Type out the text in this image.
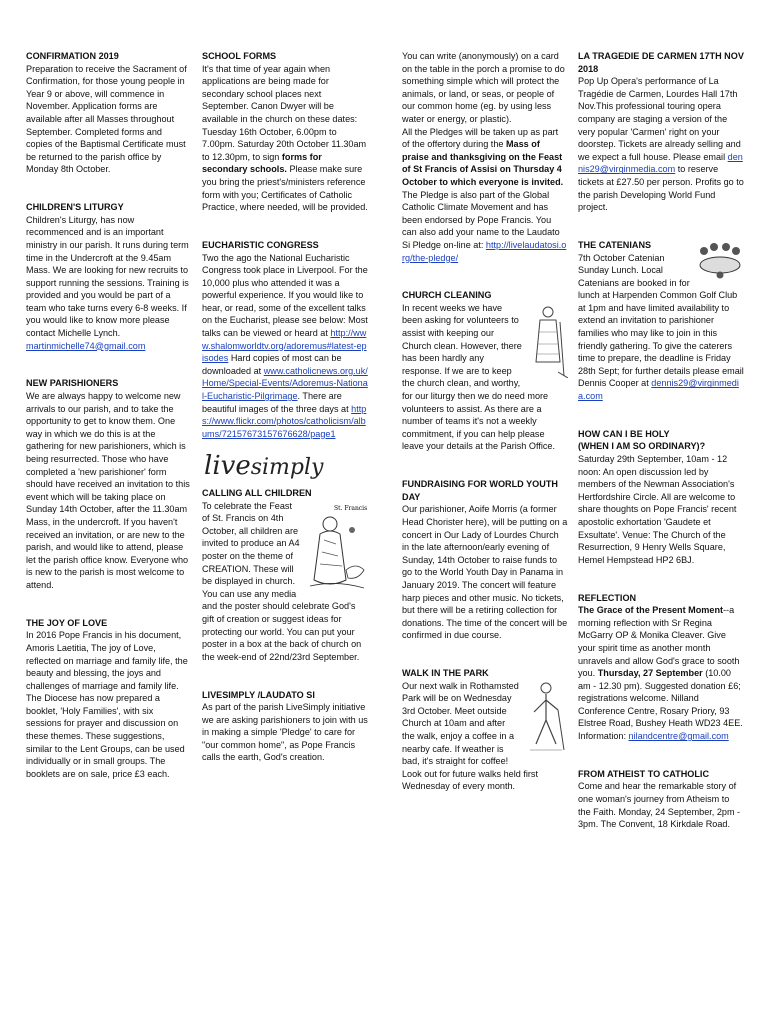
CONFIRMATION 2019

Preparation to receive the Sacrament of Confirmation, for those young people in Year 9 or above, will commence in November. Application forms are available after all Masses throughout September. Completed forms and copies of the Baptismal Certificate must be returned to the parish office by Monday 8th October.

CHILDREN'S LITURGY

Children's Liturgy, has now recommenced and is an important ministry in our parish. It runs during term time in the Undercroft at the 9.45am Mass. We are looking for new recruits to support running the sessions. Training is provided and you would be part of a team who take turns every 6-8 weeks. If you would like to know more please contact Michelle Lynch.

martinmichelle74@gmail.com
NEW PARISHIONERS

We are always happy to welcome new arrivals to our parish, and to take the opportunity to get to know them. One way in which we do this is at the gathering for new parishioners, which is being resurrected. Those who have completed a 'new parishioner' form should have received an invitation to this event which will be taking place on Sunday 14th October, after the 11.30am Mass, in the undercroft. If you haven't received an invitation, or are new to the parish, and would like to attend, please let the parish office know. Everyone who is new to the parish is most welcome to attend.

THE JOY OF LOVE

In 2016 Pope Francis in his document, Amoris Laetitia, The joy of Love, reflected on marriage and family life, the beauty and blessing, the joys and challenges of marriage and family life. The Diocese has now prepared a booklet, 'Holy Families', with six sessions for prayer and discussion on these themes. These suggestions, similar to the Lent Groups, can be used individually or in small groups. The booklets are on sale, price £3 each.

SCHOOL FORMS

It's that time of year again when applications are being made for secondary school places next September. Canon Dwyer will be available in the church on these dates: Tuesday 16th October, 6.00pm to 7.00pm. Saturday 20th October 11.30am to 12.30pm, to sign forms for secondary schools. Please make sure you bring the priest's/ministers reference form with you; Certificates of Catholic Practice, where needed, will be provided.

EUCHARISTIC CONGRESS

Two the ago the National Eucharistic Congress took place in Liverpool. For the 10,000 plus who attended it was a powerful experience. If you would like to hear, or read, some of the excellent talks on the Eucharist, please see below: Most talks can be viewed or heard at http://www.shalomworldtv.org/adoremus#latest-episodes Hard copies of most can be downloaded at www.catholicnews.org.uk/Home/Special-Events/Adoremus-National-Eucharistic-Pilgrimage. There are beautiful images of the three days at https://www.flickr.com/photos/catholicism/albums/72157673157676628/page1

livesimply
CALLING ALL CHILDREN
St. Francis

To celebrate the Feast of St. Francis on 4th October, all children are invited to produce an A4 poster on the theme of CREATION. These will be displayed in church. You can use any media and the poster should celebrate God's gift of creation or suggest ideas for protecting our world. You can put your poster in a box at the back of church on the week-end of 22nd/23rd September.

LIVESIMPLY /LAUDATO SI

As part of the parish LiveSimply initiative we are asking parishioners to join with us in making a simple 'Pledge' to care for "our common home", as Pope Francis calls the earth, God's creation.

You can write (anonymously) on a card on the table in the porch a promise to do something simple which will protect the animals, or land, or seas, or people of our common home (eg. by using less water or energy, or plastic).

All the Pledges will be taken up as part of the offertory during the Mass of praise and thanksgiving on the Feast of St Francis of Assisi on Thursday 4 October to which everyone is invited. The Pledge is also part of the Global Catholic Climate Movement and has been endorsed by Pope Francis. You can also add your name to the Laudato Si Pledge on-line at: http://livelaudatosi.org/the-pledge/

CHURCH CLEANING

In recent weeks we have been asking for volunteers to assist with keeping our Church clean. However, there has been hardly any response. If we are to keep the church clean, and worthy, for our liturgy then we do need more volunteers to assist. As there are a number of teams it's not a weekly commitment, if you can help please leave your details at the Parish Office.

FUNDRAISING FOR WORLD YOUTH DAY

Our parishioner, Aoife Morris (a former Head Chorister here), will be putting on a concert in Our Lady of Lourdes Church in the late afternoon/early evening of Sunday, 14th October to raise funds to go to the World Youth Day in Panama in January 2019. The concert will feature harp pieces and other music. No tickets, but there will be a retiring collection for donations. The time of the concert will be confirmed in due course.

WALK IN THE PARK

Our next walk in Rothamsted Park will be on Wednesday 3rd October. Meet outside Church at 10am and after the walk, enjoy a coffee in a nearby cafe. If weather is bad, it's straight for coffee! Look out for future walks held first Wednesday of every month.

LA TRAGEDIE DE CARMEN 17TH NOV 2018

Pop Up Opera's performance of La Tragédie de Carmen, Lourdes Hall 17th Nov.This professional touring opera company are staging a version of the very popular 'Carmen' right on your doorstep. Tickets are already selling and we expect a full house. Please email dennis29@virginmedia.com to reserve tickets at £27.50 per person. Profits go to the parish Developing World Fund project.

THE CATENIANS

7th October Catenian Sunday Lunch. Local Catenians are booked in for lunch at Harpenden Common Golf Club at 1pm and have limited availability to extend an invitation to parishioner families who may like to join in this friendly gathering. To give the caterers time to prepare, the deadline is Friday 28th Sept; for further details please email Dennis Cooper at dennis29@virginmedia.com

HOW CAN I BE HOLY
(WHEN I AM SO ORDINARY)?

Saturday 29th September, 10am - 12 noon: An open discussion led by members of the Newman Association's Hertfordshire Circle. All are welcome to share thoughts on Pope Francis' recent apostolic exhortation 'Gaudete et Exsultate'. Venue: The Church of the Resurrection, 9 Henry Wells Square, Hemel Hempstead HP2 6BJ.

REFLECTION

The Grace of the Present Moment--a morning reflection with Sr Regina McGarry OP & Monika Cleaver. Give your spirit time as another month unravels and allow God's grace to sooth you. Thursday, 27 September (10.00 am - 12.30 pm). Suggested donation £6; registrations welcome. Nilland Conference Centre, Rosary Priory, 93 Elstree Road, Bushey Heath WD23 4EE. Information: nilandcentre@gmail.com

FROM ATHEIST TO CATHOLIC

Come and hear the remarkable story of one woman's journey from Atheism to the Faith. Monday, 24 September, 2pm - 3pm. The Convent, 18 Kirkdale Road.
